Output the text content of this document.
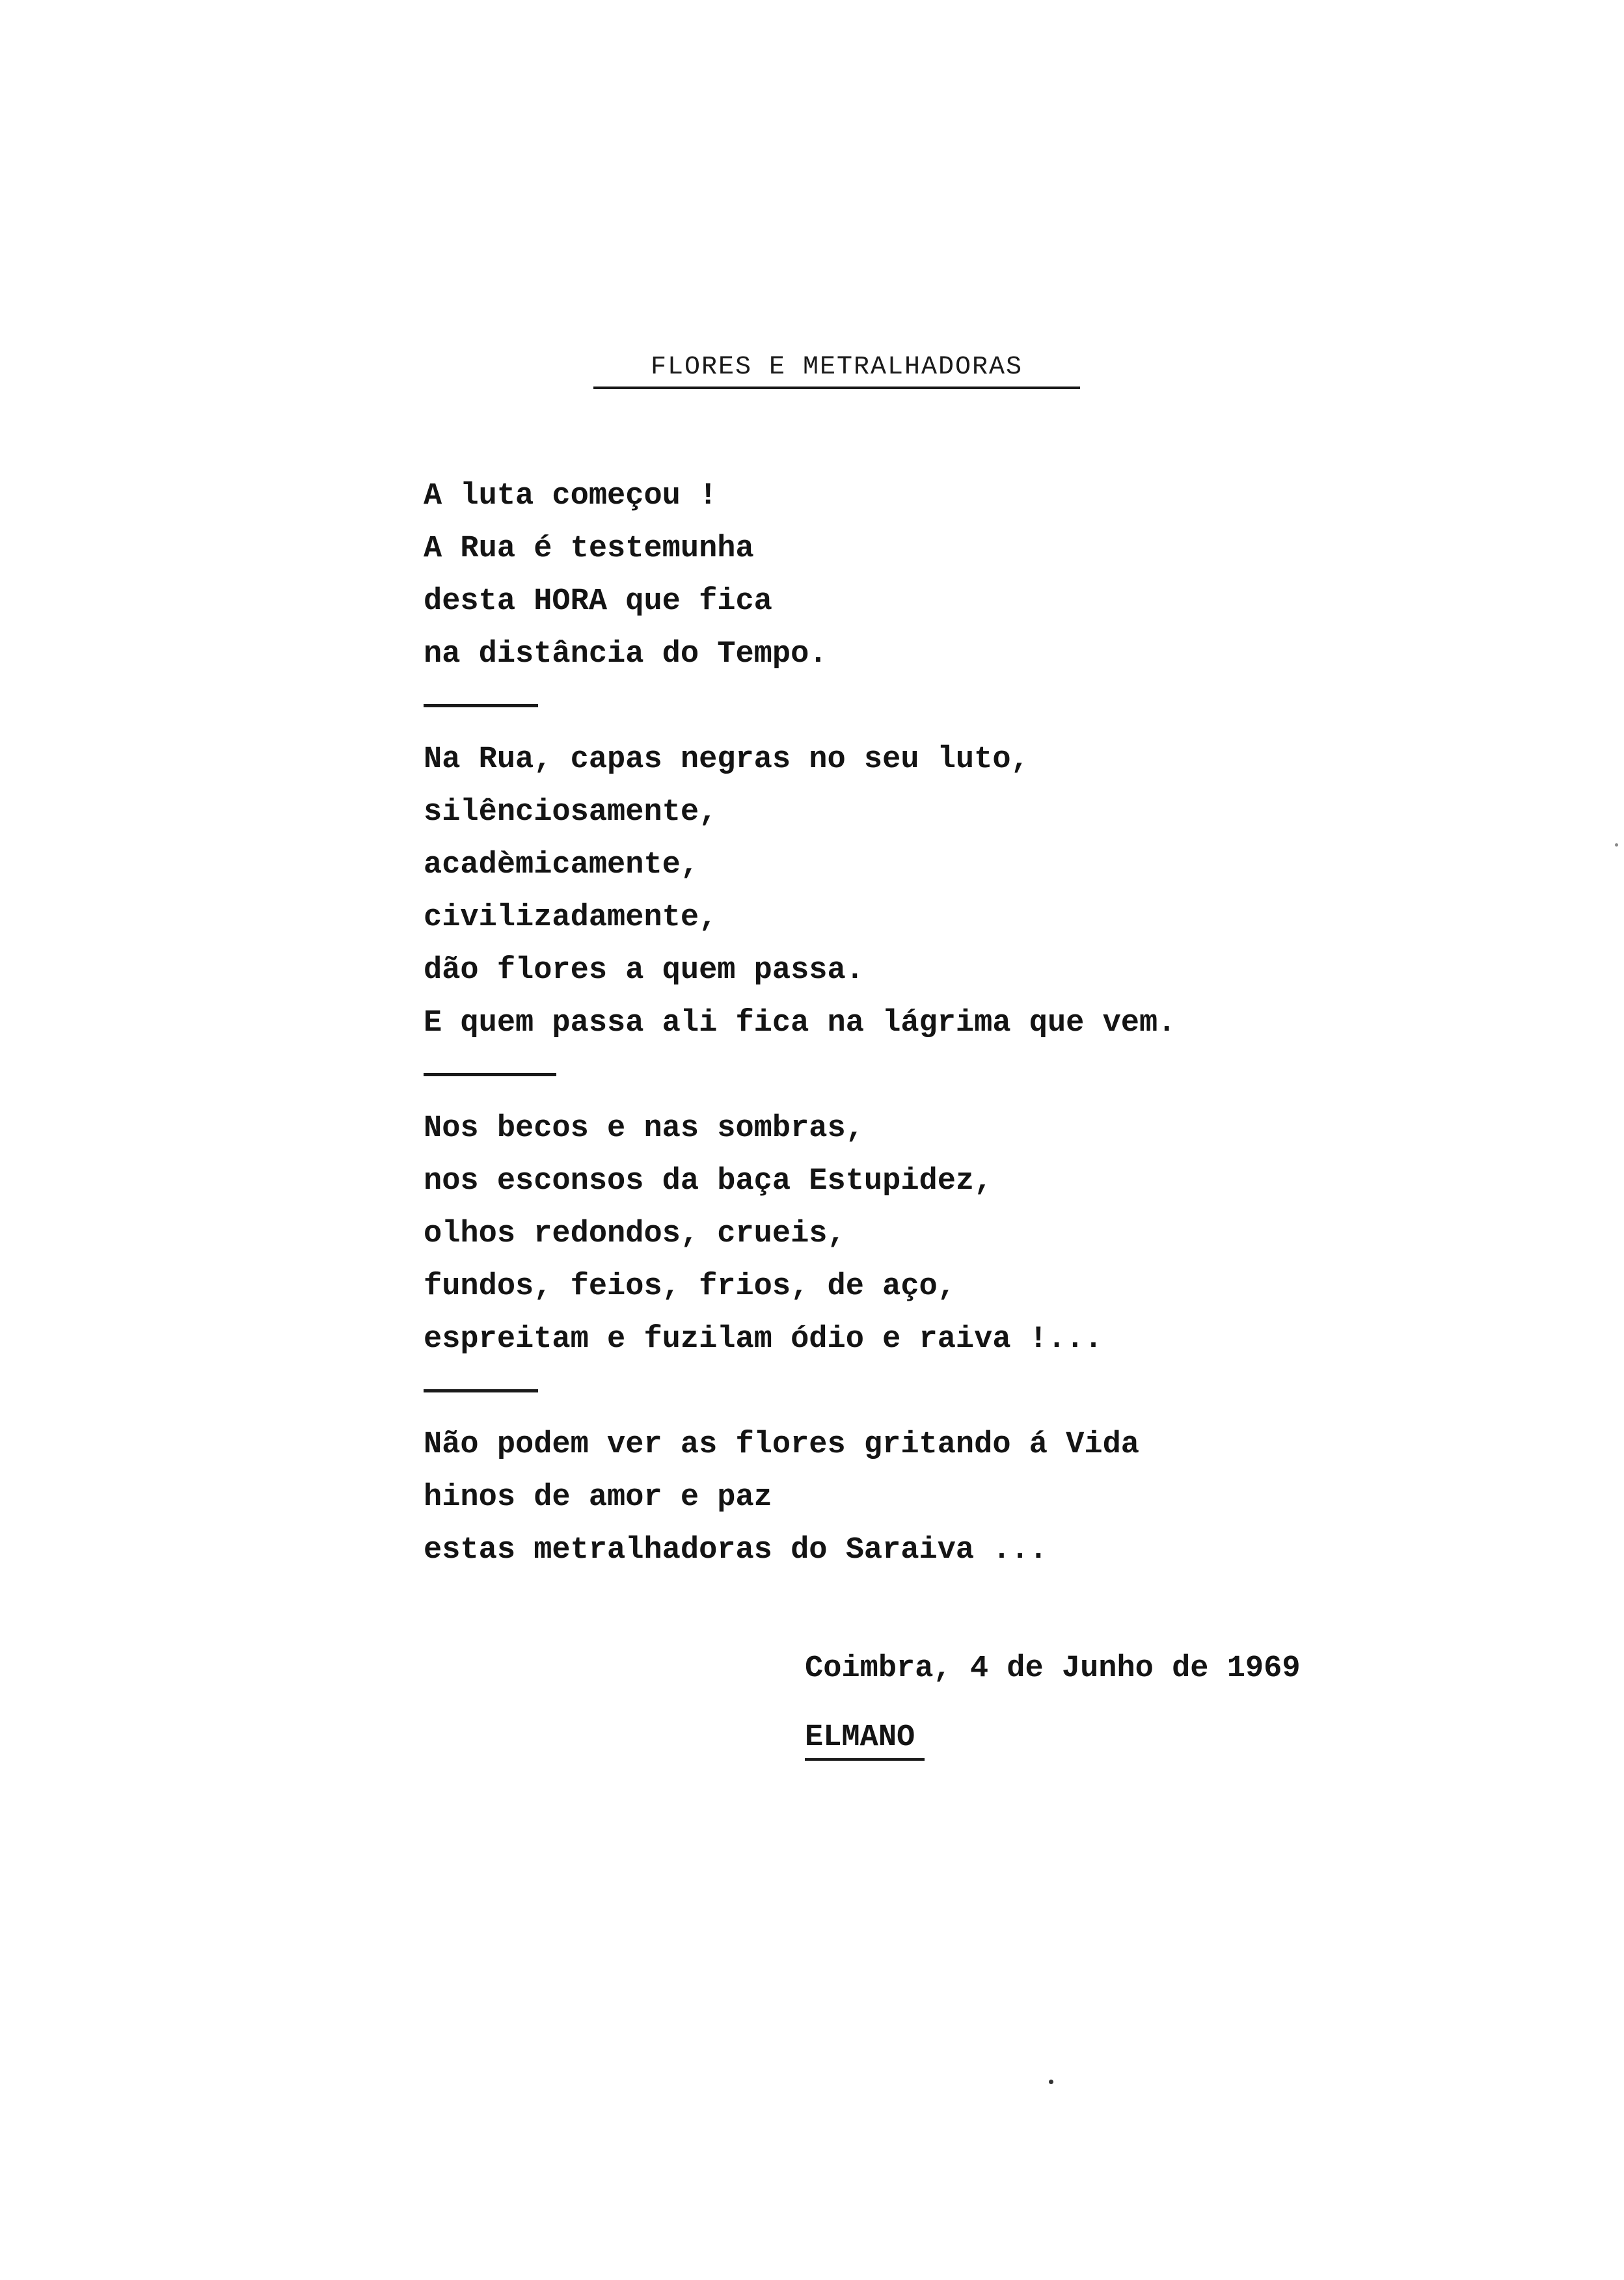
FLORES E METRALHADORAS
A luta começou !
A Rua é testemunha
desta HORA que fica
na distância do Tempo.
Na Rua, capas negras no seu luto,
silênciosamente,
acadèmicamente,
civilizadamente,
dão flores a quem passa.
E quem passa ali fica na lágrima que vem.
Nos becos e nas sombras,
nos esconsos da baça Estupidez,
olhos redondos, crueis,
fundos, feios, frios, de aço,
espreitam e fuzilam ódio e raiva !...
Não podem ver as flores gritando á Vida
hinos de amor e paz
estas metralhadoras do Saraiva ...
Coimbra, 4 de Junho de 1969
ELMANO
